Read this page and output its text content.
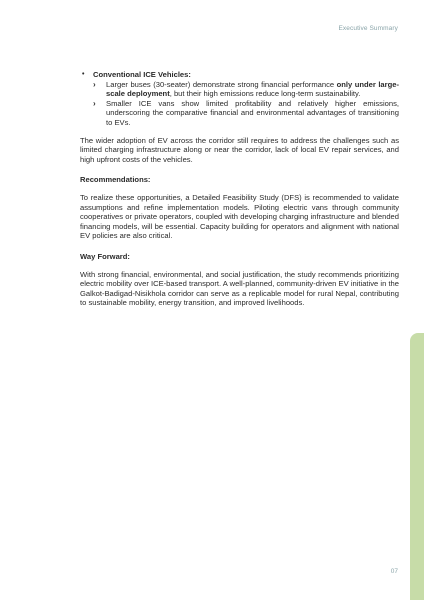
Executive Summary
• Conventional ICE Vehicles:
› Larger buses (30-seater) demonstrate strong financial performance only under large-scale deployment, but their high emissions reduce long-term sustainability.
› Smaller ICE vans show limited profitability and relatively higher emissions, underscoring the comparative financial and environmental advantages of transitioning to EVs.

The wider adoption of EV across the corridor still requires to address the challenges such as limited charging infrastructure along or near the corridor, lack of local EV repair services, and high upfront costs of the vehicles.

Recommendations:

To realize these opportunities, a Detailed Feasibility Study (DFS) is recommended to validate assumptions and refine implementation models. Piloting electric vans through community cooperatives or private operators, coupled with developing charging infrastructure and blended financing models, will be essential. Capacity building for operators and alignment with national EV policies are also critical.

Way Forward:

With strong financial, environmental, and social justification, the study recommends prioritizing electric mobility over ICE-based transport. A well-planned, community-driven EV initiative in the Galkot-Badigad-Nisikhola corridor can serve as a replicable model for rural Nepal, contributing to sustainable mobility, energy transition, and improved livelihoods.

07
